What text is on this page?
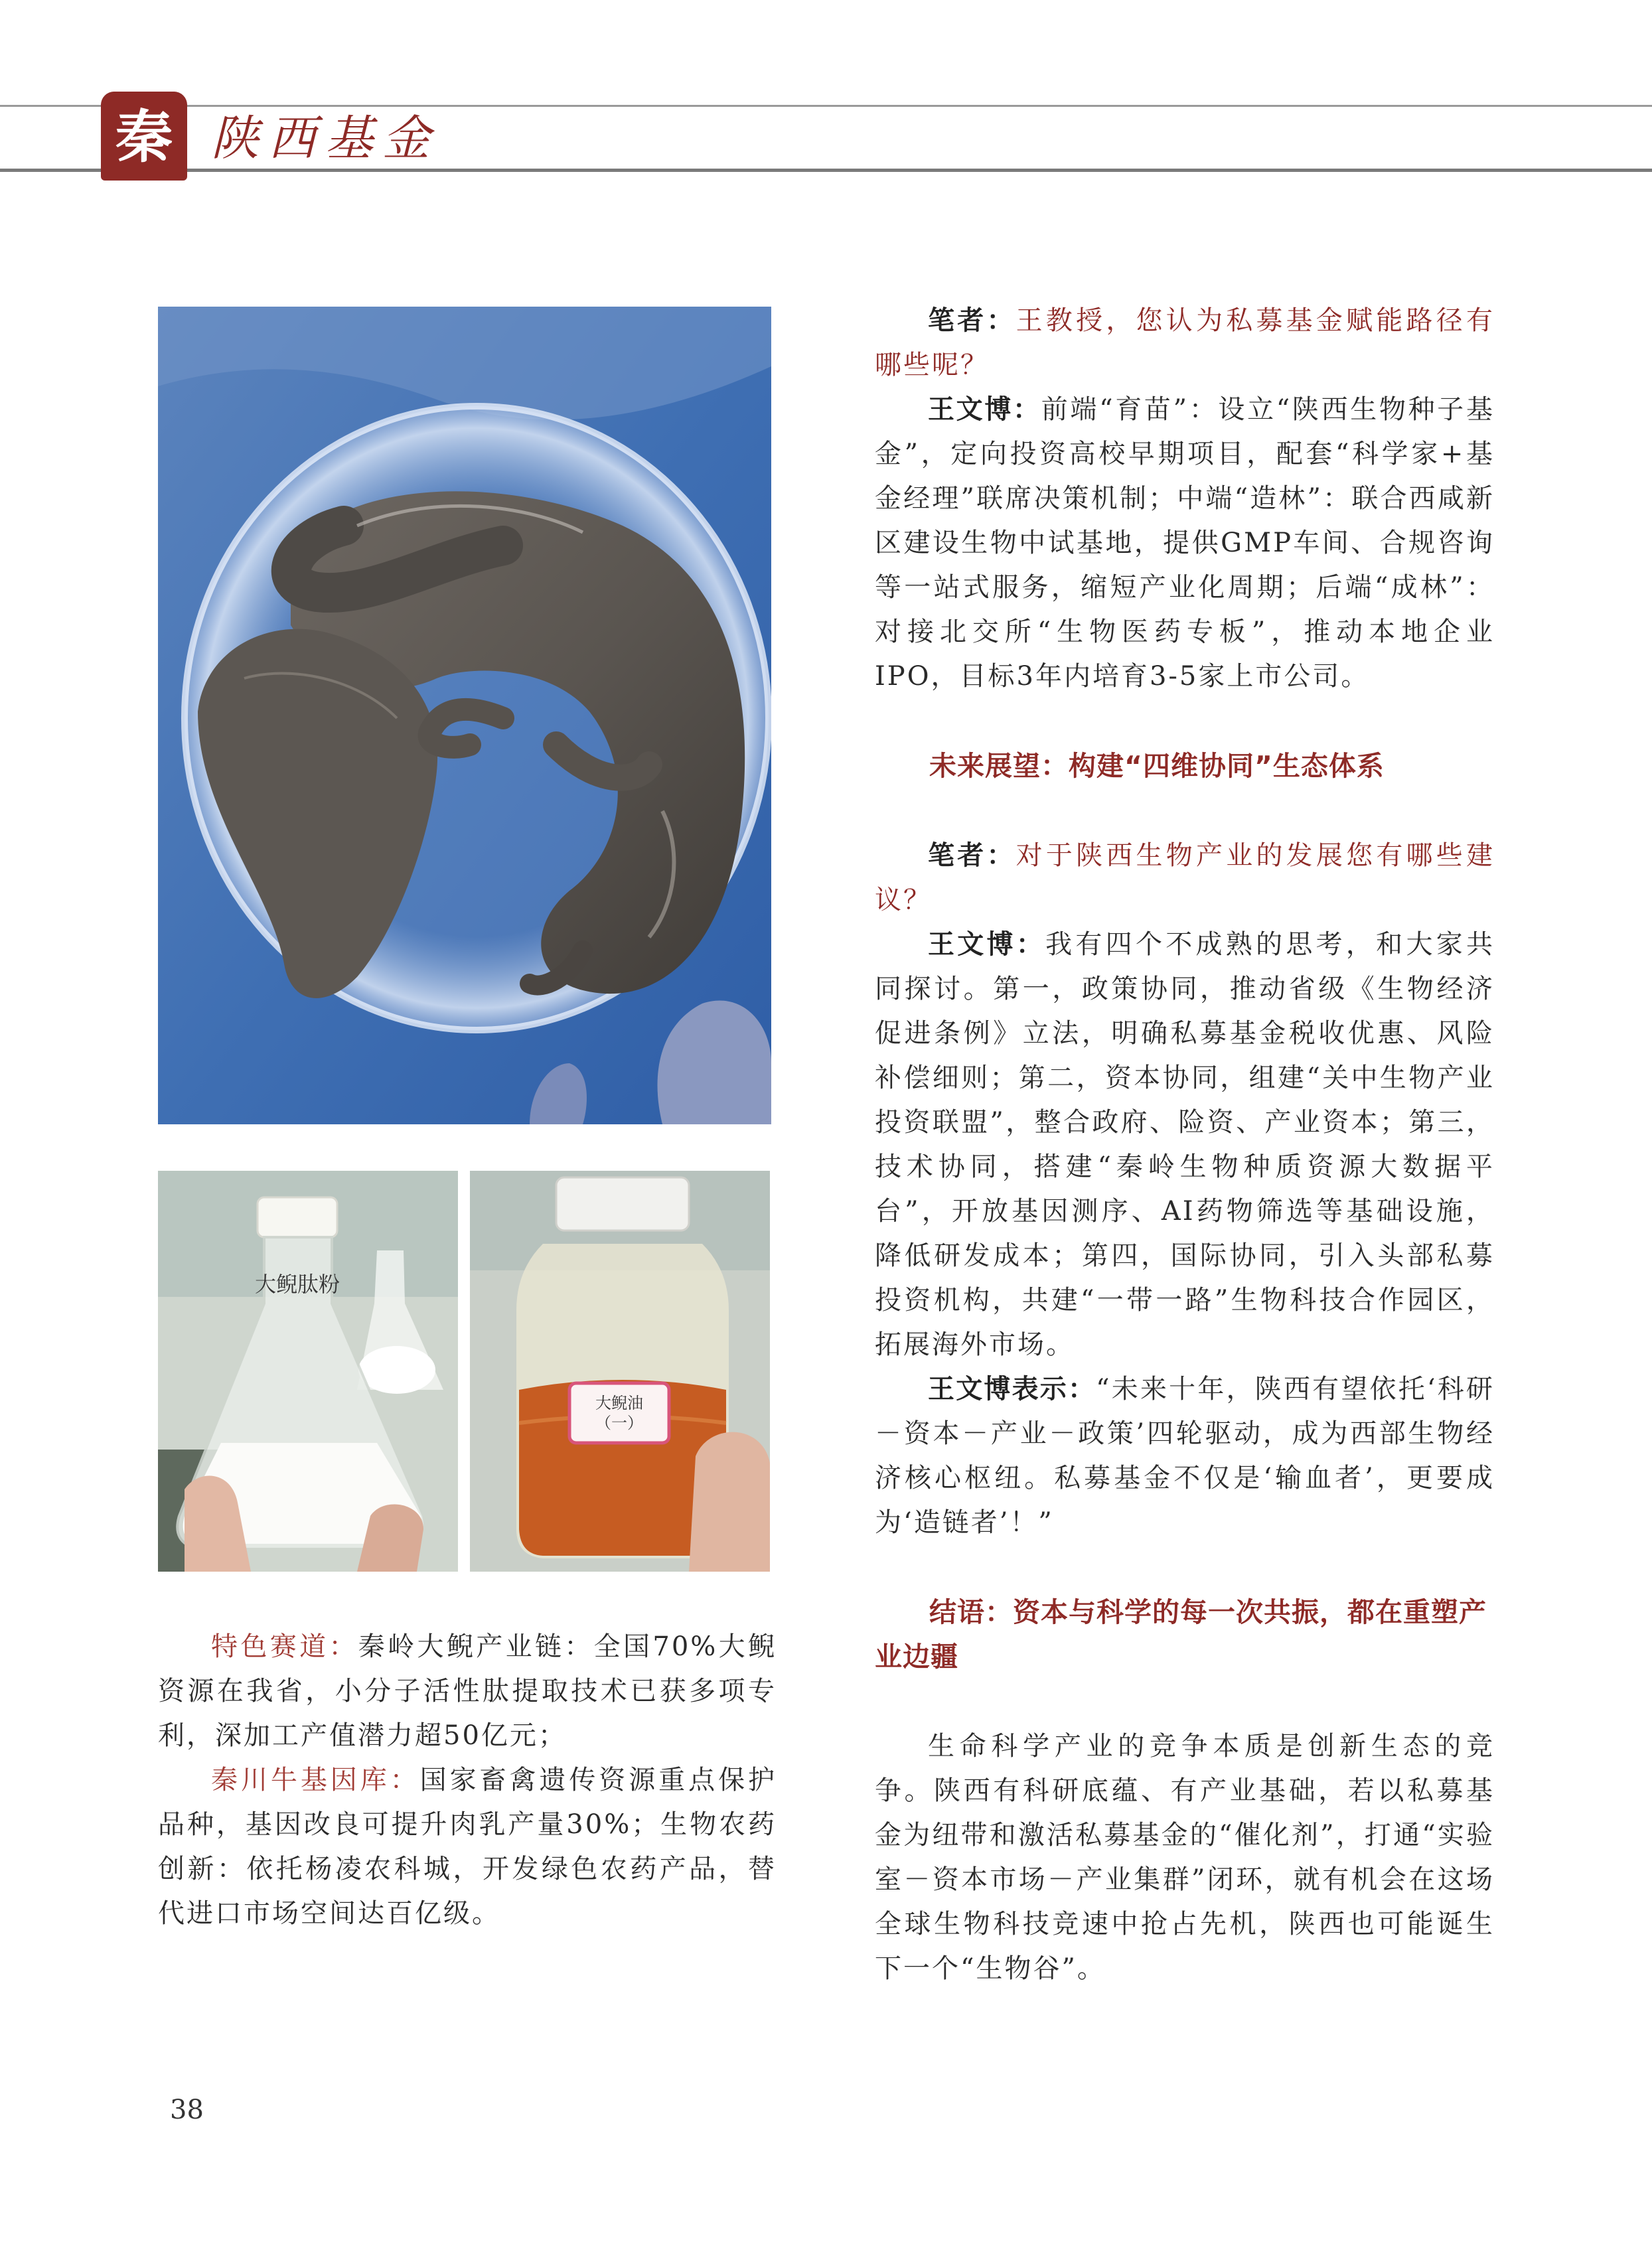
秦 陕西基金
大鲵肽粉
大鲵油（一）

特色赛道：秦岭大鲵产业链：全国70%大鲵资源在我省，小分子活性肽提取技术已获多项专利，深加工产值潜力超50亿元；

秦川牛基因库：国家畜禽遗传资源重点保护品种，基因改良可提升肉乳产量30%；生物农药创新：依托杨凌农科城，开发绿色农药产品，替代进口市场空间达百亿级。

笔者：王教授，您认为私募基金赋能路径有哪些呢？

王文博：前端“育苗”：设立“陕西生物种子基金”，定向投资高校早期项目，配套“科学家+基金经理”联席决策机制；中端“造林”：联合西咸新区建设生物中试基地，提供GMP车间、合规咨询等一站式服务，缩短产业化周期；后端“成林”：对接北交所“生物医药专板”，推动本地企业IPO，目标3年内培育3-5家上市公司。

未来展望：构建“四维协同”生态体系

笔者：对于陕西生物产业的发展您有哪些建议？

王文博：我有四个不成熟的思考，和大家共同探讨。第一，政策协同，推动省级《生物经济促进条例》立法，明确私募基金税收优惠、风险补偿细则；第二，资本协同，组建“关中生物产业投资联盟”，整合政府、险资、产业资本；第三，技术协同，搭建“秦岭生物种质资源大数据平台”，开放基因测序、AI药物筛选等基础设施，降低研发成本；第四，国际协同，引入头部私募投资机构，共建“一带一路”生物科技合作园区，拓展海外市场。

王文博表示：“未来十年，陕西有望依托‘科研－资本－产业－政策’四轮驱动，成为西部生物经济核心枢纽。私募基金不仅是‘输血者’，更要成为‘造链者’！”

结语：资本与科学的每一次共振，都在重塑产业边疆

生命科学产业的竞争本质是创新生态的竞争。陕西有科研底蕴、有产业基础，若以私募基金为纽带和激活私募基金的“催化剂”，打通“实验室－资本市场－产业集群”闭环，就有机会在这场全球生物科技竞速中抢占先机，陕西也可能诞生下一个“生物谷”。

38
